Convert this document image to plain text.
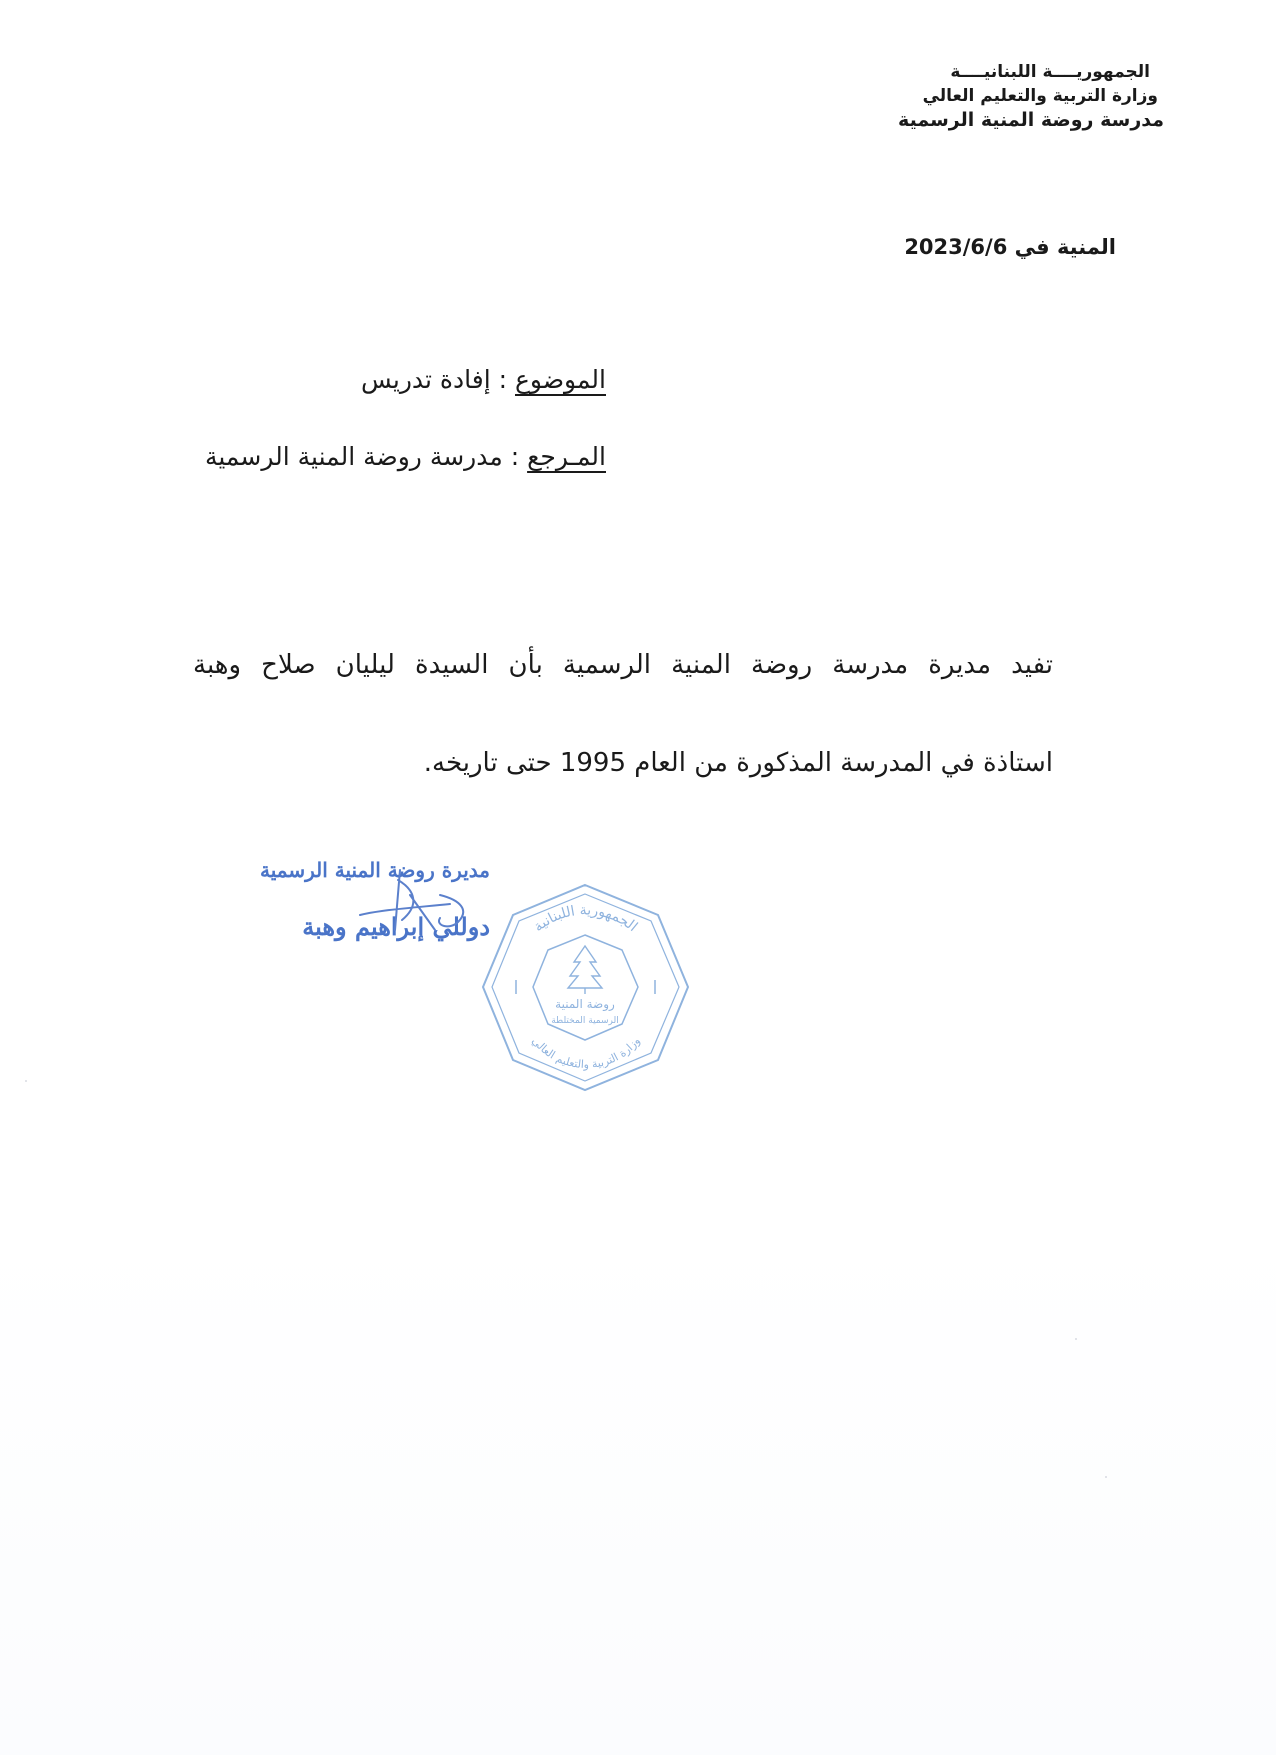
الجمهوريــــة اللبنانيــــة
وزارة التربية والتعليم العالي
مدرسة روضة المنية الرسمية
المنية في 2023/6/6
الموضوع : إفادة تدريس
المـرجع : مدرسة روضة المنية الرسمية
تفيد مديرة مدرسة روضة المنية الرسمية بأن السيدة ليليان صلاح وهبة
استاذة في المدرسة المذكورة من العام 1995 حتى تاريخه.
مديرة روضة المنية الرسمية
دوللي إبراهيم وهبة	الجمهورية اللبنانية
وزارة التربية والتعليم العالي
روضة المنية
الرسمية المختلطة
